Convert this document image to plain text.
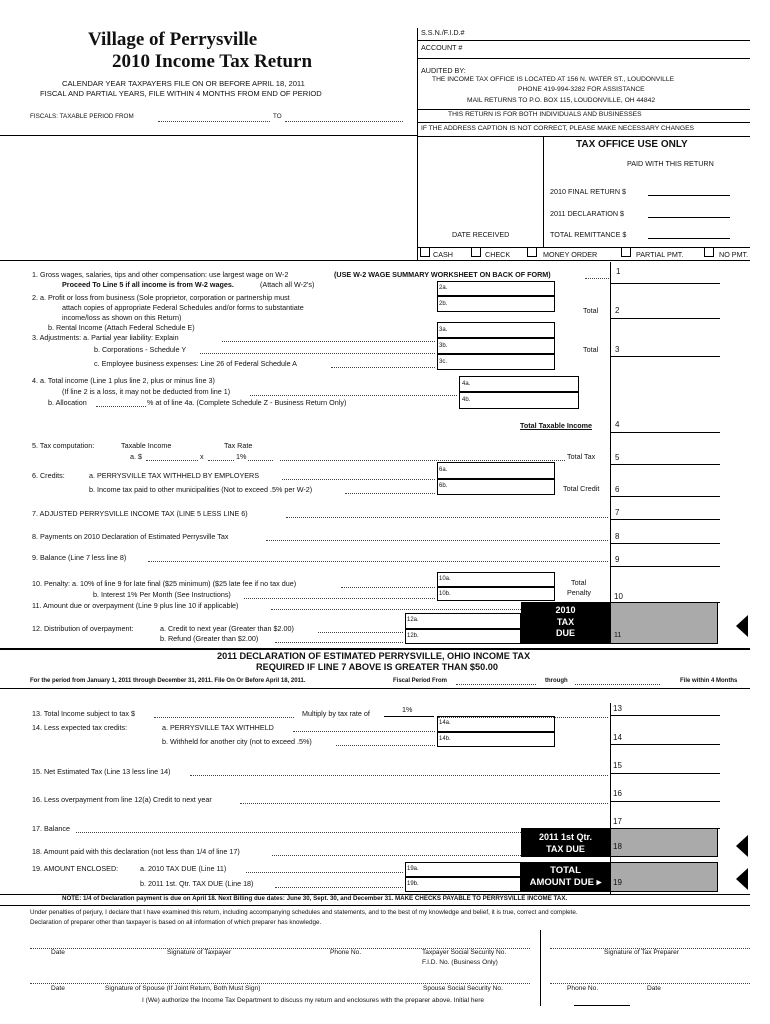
Village of Perrysville
2010 Income Tax Return
CALENDAR YEAR TAXPAYERS FILE ON OR BEFORE APRIL 18, 2011
FISCAL AND PARTIAL YEARS, FILE WITHIN 4 MONTHS FROM END OF PERIOD
FISCALS: TAXABLE PERIOD FROM	TO
S.S.N./F.I.D.#
ACCOUNT #
AUDITED BY:
THE INCOME TAX OFFICE IS LOCATED AT 156 N. WATER ST., LOUDONVILLE
PHONE 419-994-3282 FOR ASSISTANCE
MAIL RETURNS TO P.O. BOX 115, LOUDONVILLE, OH 44842
THIS RETURN IS FOR BOTH INDIVIDUALS AND BUSINESSES
IF THE ADDRESS CAPTION IS NOT CORRECT, PLEASE MAKE NECESSARY CHANGES
TAX OFFICE USE ONLY
PAID WITH THIS RETURN
2010 FINAL RETURN $
2011 DECLARATION $
DATE RECEIVED	TOTAL REMITTANCE $
CASH	CHECK	MONEY ORDER	PARTIAL PMT.	NO PMT.
1. Gross wages, salaries, tips and other compensation: use largest wage on W-2	(USE W-2 WAGE SUMMARY WORKSHEET ON BACK OF FORM)	1
Proceed To Line 5 if all income is from W-2 wages.	(Attach all W-2's)
2. a. Profit or loss from business (Sole proprietor, corporation or partnership must
attach copies of appropriate Federal Schedules and/or forms to substantiate
income/loss as shown on this Return)
b. Rental Income (Attach Federal Schedule E)
2a.
2b.
Total 2
3. Adjustments: a. Partial year liability: Explain
b. Corporations - Schedule Y
c. Employee business expenses: Line 26 of Federal Schedule A
3a.
3b.
3c.
Total 3
4. a. Total income (Line 1 plus line 2, plus or minus line 3)
(If line 2 is a loss, it may not be deducted from line 1)
b. Allocation	% at of line 4a. (Complete Schedule Z - Business Return Only)
4a.
4b.
Total Taxable Income	4
5. Tax computation:	Taxable Income	Tax Rate
a. $	x	1%	Total Tax 5
6. Credits:	a. PERRYSVILLE TAX WITHHELD BY EMPLOYERS
b. Income tax paid to other municipalities (Not to exceed .5% per W-2)
6a.
6b.	Total Credit 6
7. ADJUSTED PERRYSVILLE INCOME TAX (LINE 5 LESS LINE 6)	7
8. Payments on 2010 Declaration of Estimated Perrysville Tax	8
9. Balance (Line 7 less line 8)	9
10. Penalty: a. 10% of line 9 for late final ($25 minimum) ($25 late fee if no tax due)
b. Interest 1% Per Month (See Instructions)
10a.
10b.
Total
Penalty	10
11. Amount due or overpayment (Line 9 plus line 10 if applicable)
12. Distribution of overpayment:	a. Credit to next year (Greater than $2.00)
b. Refund (Greater than $2.00)
12a.
12b.
2010
TAX
DUE	11
2011 DECLARATION OF ESTIMATED PERRYSVILLE, OHIO INCOME TAX
REQUIRED IF LINE 7 ABOVE IS GREATER THAN $50.00
For the period from January 1, 2011 through December 31, 2011. File On Or Before April 18, 2011.	Fiscal Period From	through	File within 4 Months
13. Total Income subject to tax $	Multiply by tax rate of	1%	13
14. Less expected tax credits:	a. PERRYSVILLE TAX WITHHELD
b. Withheld for another city (not to exceed .5%)
14a.
14b.	14
15. Net Estimated Tax (Line 13 less line 14)
15
16. Less overpayment from line 12(a) Credit to next year
16
17. Balance
17
18. Amount paid with this declaration (not less than 1/4 of line 17)
2011 1st Qtr.
TAX DUE	18
19. AMOUNT ENCLOSED:	a. 2010 TAX DUE (Line 11)
b. 2011 1st. Qtr. TAX DUE (Line 18)
19a.
19b.
TOTAL
AMOUNT DUE ▸	19
NOTE: 1/4 of Declaration payment is due on April 18. Next Billing due dates: June 30, Sept. 30, and December 31. MAKE CHECKS PAYABLE TO PERRYSVILLE INCOME TAX.
Under penalties of perjury, I declare that I have examined this return, including accompanying schedules and statements, and to the best of my knowledge and belief, it is true, correct and complete.
Declaration of preparer other than taxpayer is based on all information of which preparer has knowledge.
Date	Signature of Taxpayer	Phone No.	Taxpayer Social Security No.
F.I.D. No. (Business Only)
Signature of Tax Preparer
Date	Signature of Spouse (If Joint Return, Both Must Sign)	Spouse Social Security No.	Phone No.	Date
I (We) authorize the Income Tax Department to discuss my return and enclosures with the preparer above. Initial here
